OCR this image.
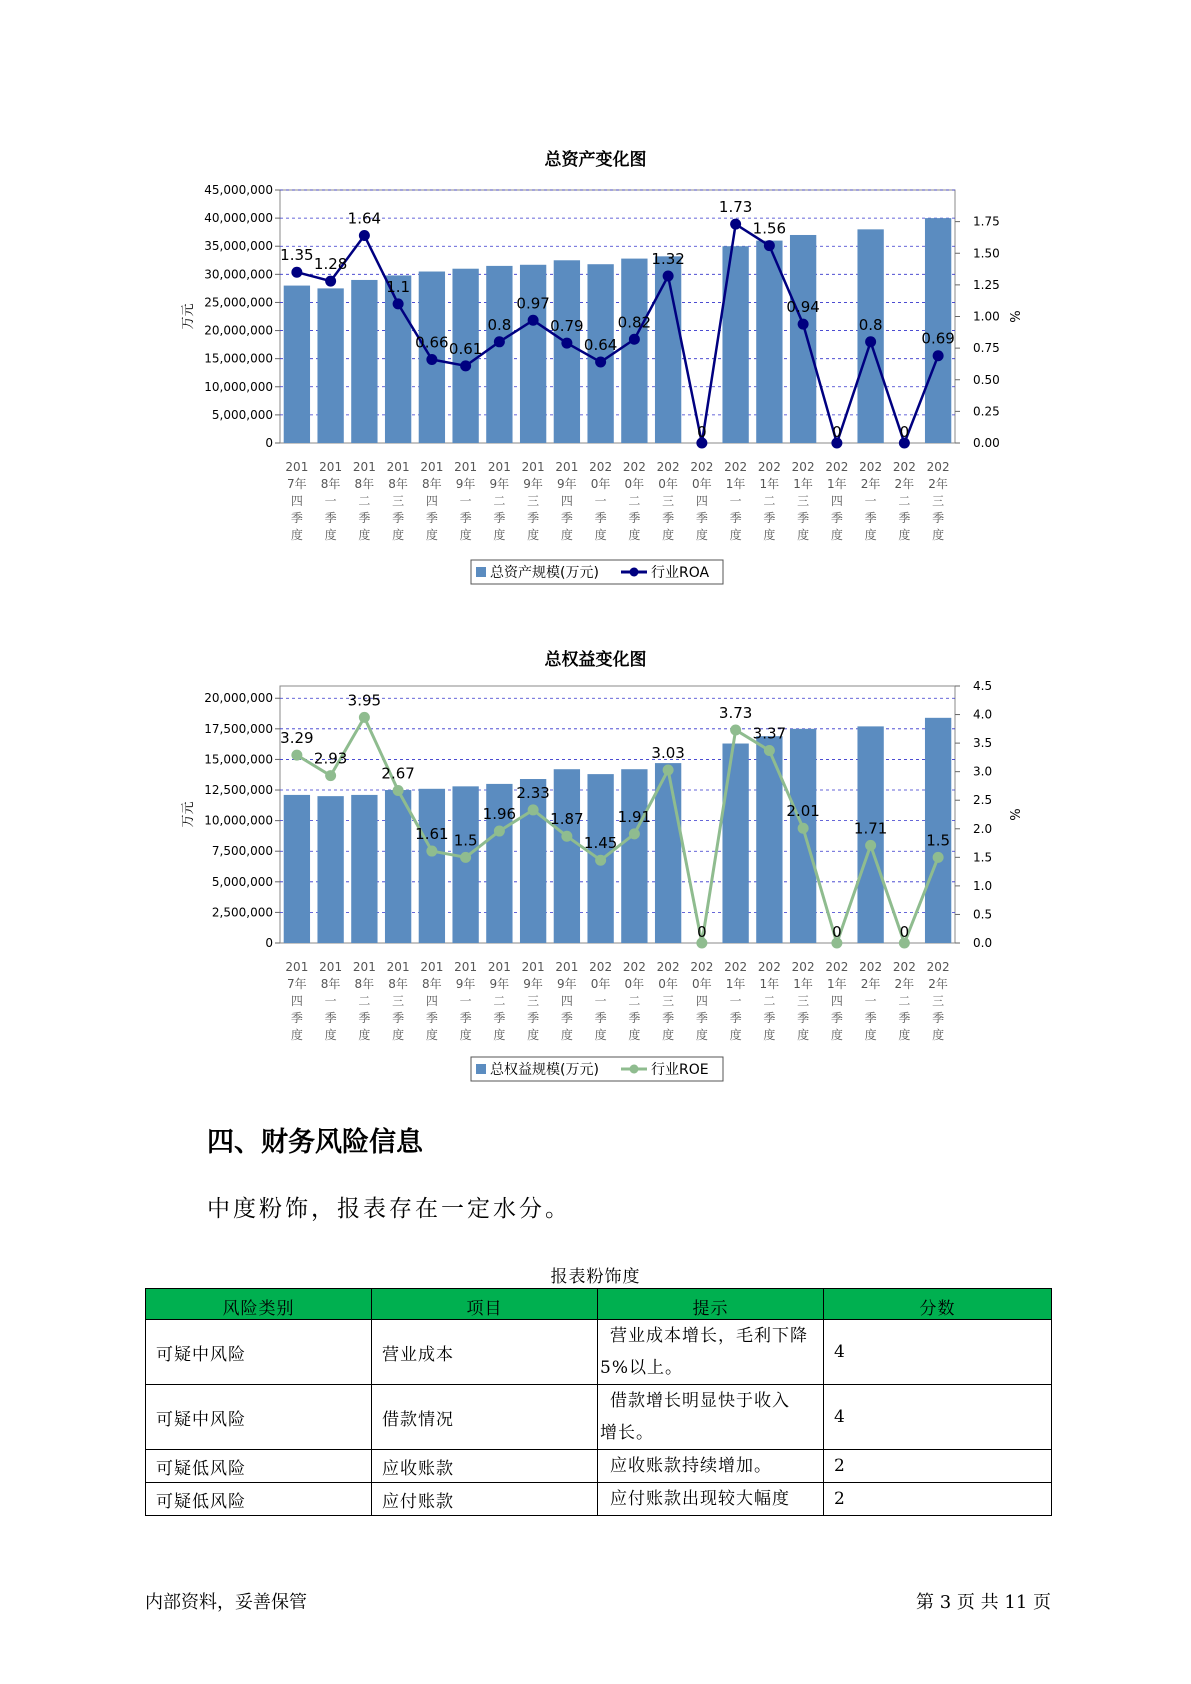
总资产变化图
0
5,000,000
10,000,000
15,000,000
20,000,000
25,000,000
30,000,000
35,000,000
40,000,000
45,000,000
0.00
0.25
0.50
0.75
1.00
1.25
1.50
1.75
万元	%
1.35 1.28
1.64
1.1
0.66 0.61
0.8
0.97
0.79
0.64
0.82
1.32
0
1.73
1.56
0.94
0
0.8
0
0.69
201
7年
四
季
度
201
8年
一
季
度
201
8年
二
季
度
201
8年
三
季
度
201
8年
四
季
度
201
9年
一
季
度
201
9年
二
季
度
201
9年
三
季
度
201
9年
四
季
度
202
0年
一
季
度
202
0年
二
季
度
202
0年
三
季
度
202
0年
四
季
度
202
1年
一
季
度
202
1年
二
季
度
202
1年
三
季
度
202
1年
四
季
度
202
2年
一
季
度
202
2年
二
季
度
202
2年
三
季
度
总资产规模(万元)	行业ROA
总权益变化图
0
2,500,000
5,000,000
7,500,000
10,000,000
12,500,000
15,000,000
17,500,000
20,000,000
0.0
0.5
1.0
1.5
2.0
2.5
3.0
3.5
4.0
4.5
万元	%
3.29
2.93
3.95
2.67
1.61 1.5
1.96
2.33
1.87
1.45
1.91
3.03
0
3.73
3.37
2.01
0
1.71
0
1.5
201
7年
四
季
度
201
8年
一
季
度
201
8年
二
季
度
201
8年
三
季
度
201
8年
四
季
度
201
9年
一
季
度
201
9年
二
季
度
201
9年
三
季
度
201
9年
四
季
度
202
0年
一
季
度
202
0年
二
季
度
202
0年
三
季
度
202
0年
四
季
度
202
1年
一
季
度
202
1年
二
季
度
202
1年
三
季
度
202
1年
四
季
度
202
2年
一
季
度
202
2年
二
季
度
202
2年
三
季
度
总权益规模(万元)	行业ROE
四、财务风险信息
中度粉饰，报表存在一定水分。
报表粉饰度
风险类别	项目	提示	分数
可疑中风险	营业成本	营业成本增长，毛利下降
5%以上。	4
可疑中风险	借款情况	借款增长明显快于收入
增长。	4
可疑低风险	应收账款	应收账款持续增加。	2
可疑低风险	应付账款	应付账款出现较大幅度	2
内部资料，妥善保管	第 3 页 共 11 页
